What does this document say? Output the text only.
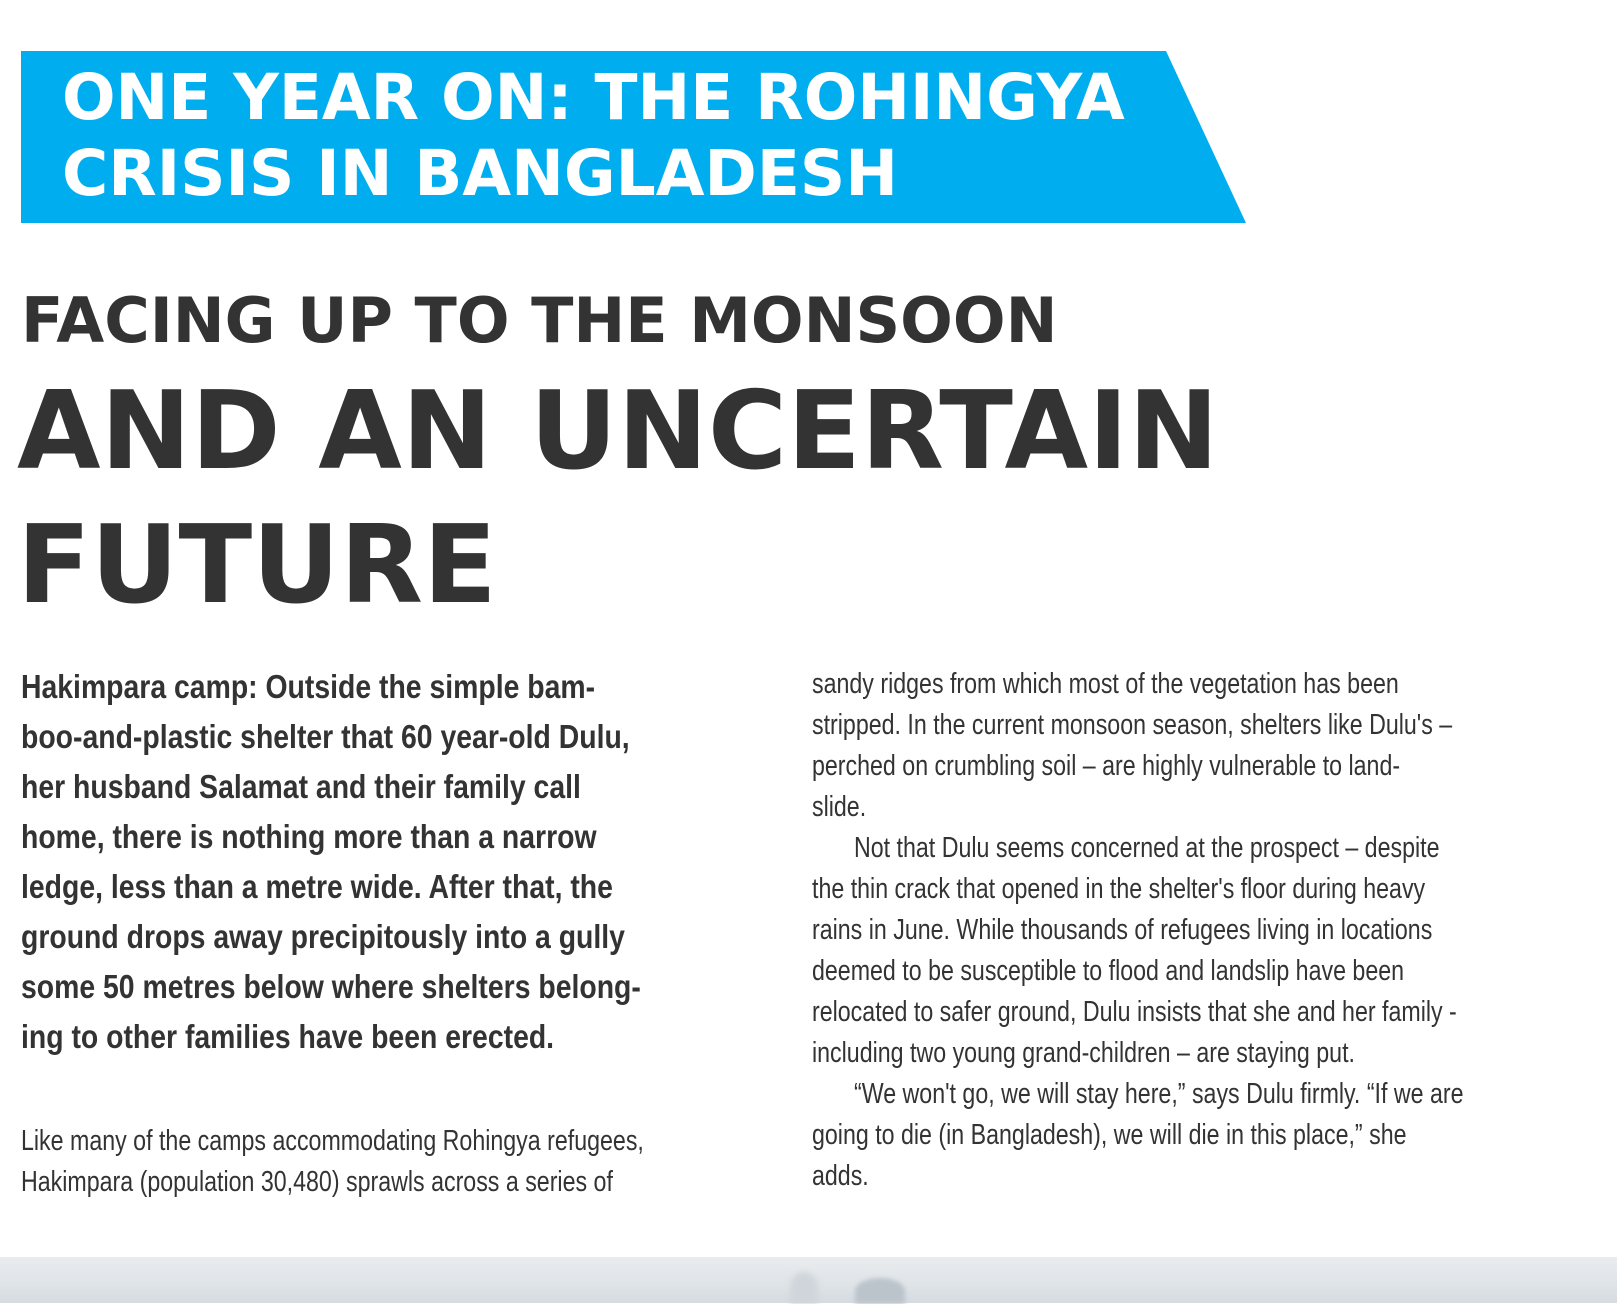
ONE YEAR ON: THE ROHINGYA
CRISIS IN BANGLADESH
FACING UP TO THE MONSOON
AND AN UNCERTAIN
FUTURE
Hakimpara camp: Outside the simple bam-
boo-and-plastic shelter that 60 year-old Dulu,
her husband Salamat and their family call
home, there is nothing more than a narrow
ledge, less than a metre wide. After that, the
ground drops away precipitously into a gully
some 50 metres below where shelters belong-
ing to other families have been erected.
Like many of the camps accommodating Rohingya refugees,
Hakimpara (population 30,480) sprawls across a series of
sandy ridges from which most of the vegetation has been
stripped. In the current monsoon season, shelters like Dulu's –
perched on crumbling soil – are highly vulnerable to land-
slide.
Not that Dulu seems concerned at the prospect – despite
the thin crack that opened in the shelter's floor during heavy
rains in June. While thousands of refugees living in locations
deemed to be susceptible to flood and landslip have been
relocated to safer ground, Dulu insists that she and her family -
including two young grand-children – are staying put.
“We won't go, we will stay here,” says Dulu firmly. “If we are
going to die (in Bangladesh), we will die in this place,” she
adds.
